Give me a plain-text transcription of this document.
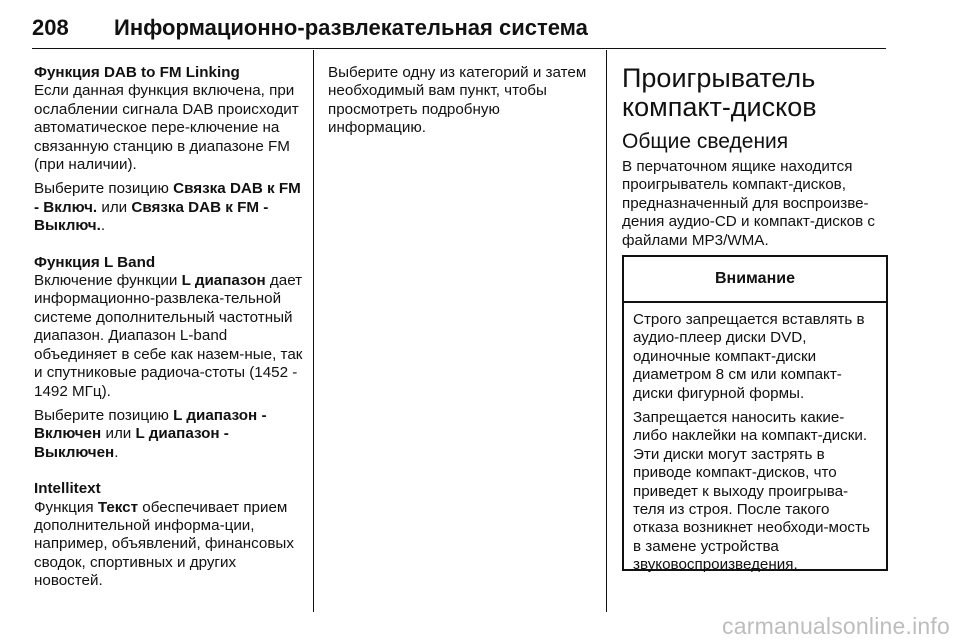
208 Информационно-развлекательная система
Функция DAB to FM Linking

Если данная функция включена, при ослаблении сигнала DAB происходит автоматическое пере-ключение на связанную станцию в диапазоне FM (при наличии).

Выберите позицию Связка DAB к FM - Включ. или Связка DAB к FM - Выключ..

Функция L Band

Включение функции L диапазон дает информационно-развлека-тельной системе дополнительный частотный диапазон. Диапазон L-band объединяет в себе как назем-ные, так и спутниковые радиоча-стоты (1452 - 1492 МГц).

Выберите позицию L диапазон - Включен или L диапазон - Выключен.

Intellitext

Функция Текст обеспечивает прием дополнительной информа-ции, например, объявлений, финансовых сводок, спортивных и других новостей.

Выберите одну из категорий и затем необходимый вам пункт, чтобы просмотреть подробную информацию.

Проигрыватель компакт-дисков
Общие сведения

В перчаточном ящике находится проигрыватель компакт-дисков, предназначенный для воспроизве-дения аудио-CD и компакт-дисков с файлами MP3/WMA.

Внимание

Строго запрещается вставлять в аудио-плеер диски DVD, одиночные компакт-диски диаметром 8 см или компакт-диски фигурной формы.

Запрещается наносить какие-либо наклейки на компакт-диски. Эти диски могут застрять в приводе компакт-дисков, что приведет к выходу проигрыва-теля из строя. После такого отказа возникнет необходи-мость в замене устройства звуковоспроизведения.

carmanualsonline.info
